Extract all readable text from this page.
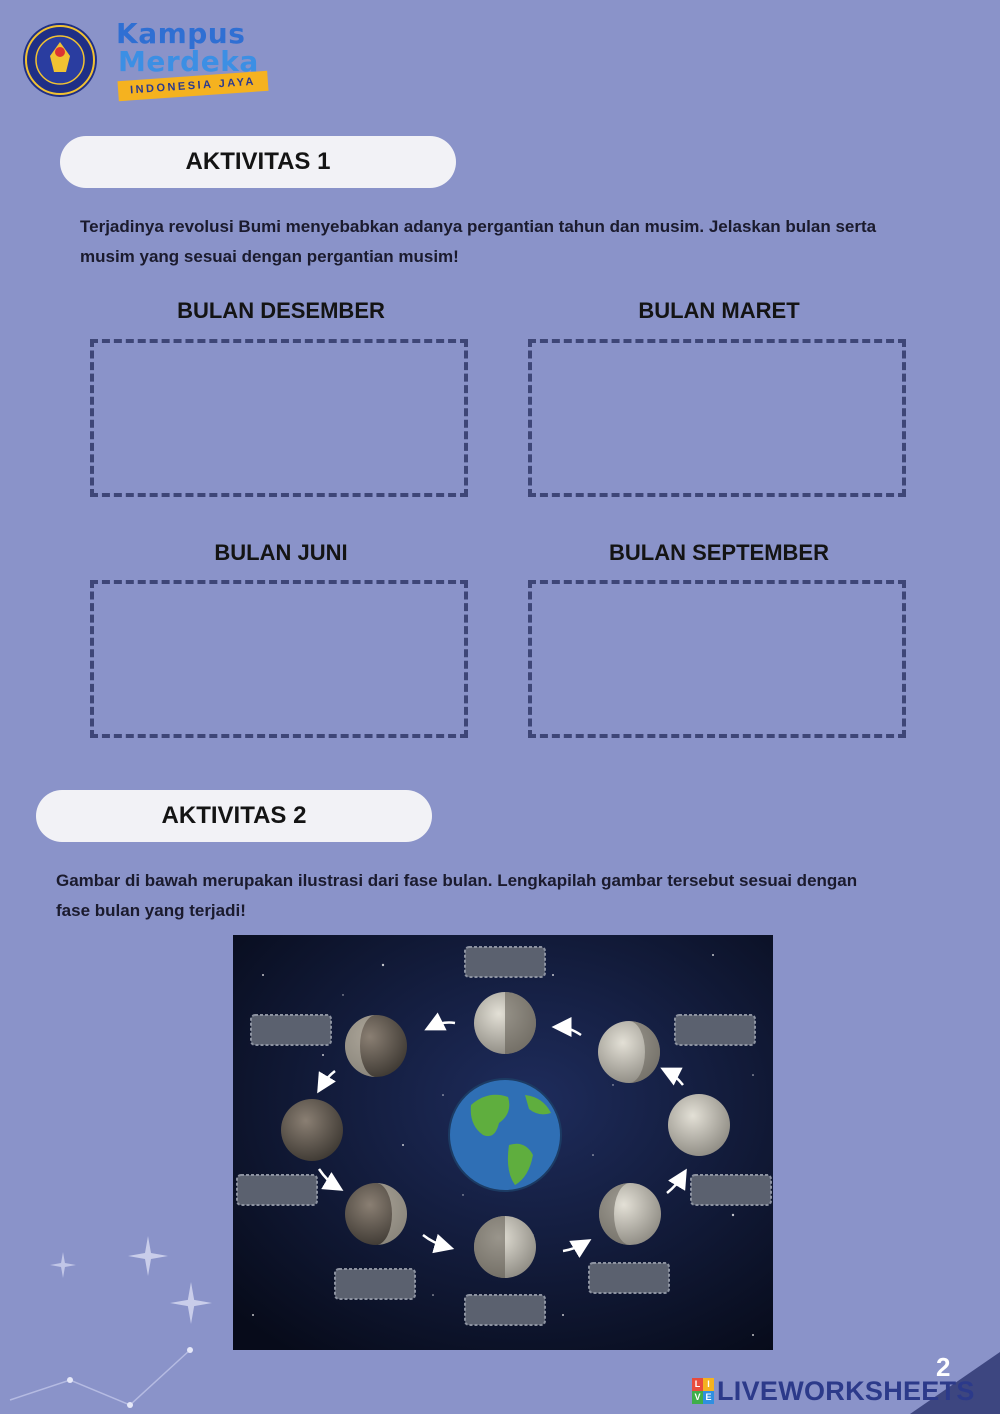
Kampus
Merdeka
INDONESIA JAYA
AKTIVITAS 1
Terjadinya revolusi Bumi menyebabkan adanya pergantian tahun dan musim. Jelaskan bulan serta musim yang sesuai dengan pergantian musim!
BULAN DESEMBER	BULAN MARET
BULAN JUNI	BULAN SEPTEMBER
AKTIVITAS 2
Gambar di bawah merupakan ilustrasi dari fase bulan. Lengkapilah gambar tersebut sesuai dengan fase bulan yang terjadi!
2
L I
V E LIVEWORKSHEETS
